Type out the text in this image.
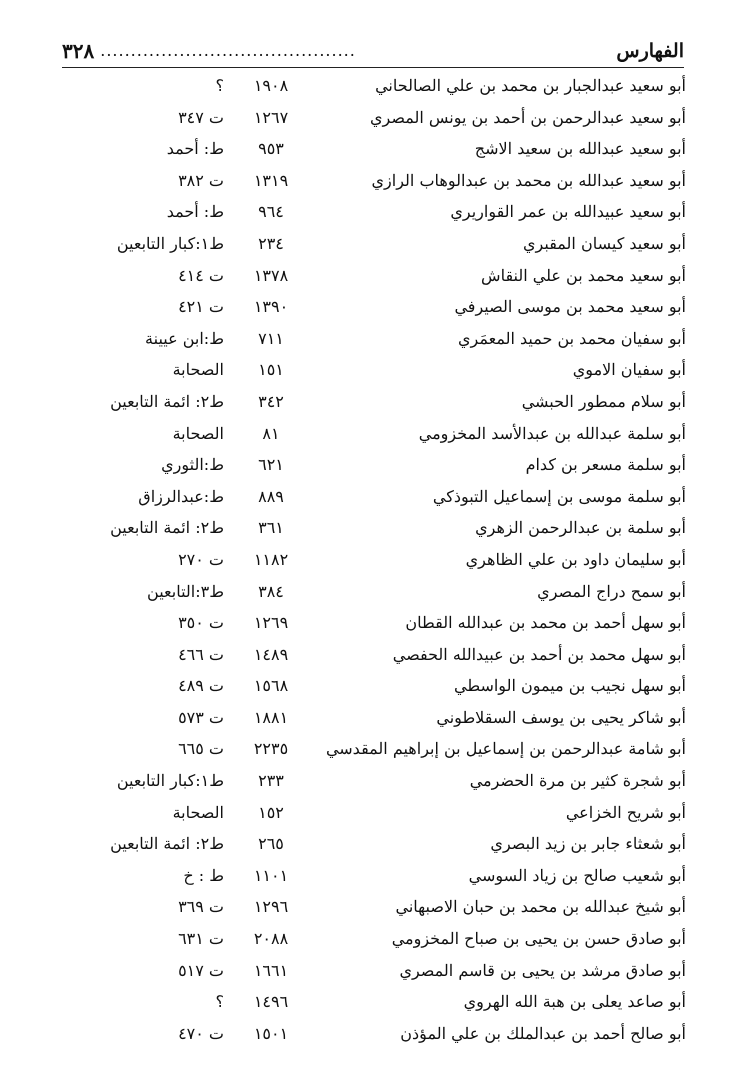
٣٢٨ ..........................................	الفهارس
أبو سعيد عبدالجبار بن محمد بن علي الصالحاني
١٩٠٨
؟
أبو سعيد عبدالرحمن بن أحمد بن يونس المصري
١٢٦٧
ت ٣٤٧
أبو سعيد عبدالله بن سعيد الاشج
٩٥٣
ط: أحمد
أبو سعيد عبدالله بن محمد بن عبدالوهاب الرازي
١٣١٩
ت ٣٨٢
أبو سعيد عبيدالله بن عمر القواريري
٩٦٤
ط: أحمد
أبو سعيد كيسان المقبري
٢٣٤
ط١:كبار التابعين
أبو سعيد محمد بن علي النقاش
١٣٧٨
ت ٤١٤
أبو سعيد محمد بن موسى الصيرفي
١٣٩٠
ت ٤٢١
أبو سفيان محمد بن حميد المعمَري
٧١١
ط:ابن عيينة
أبو سفيان الاموي
١٥١
الصحابة
أبو سلام ممطور الحبشي
٣٤٢
ط٢: ائمة التابعين
أبو سلمة عبدالله بن عبدالأسد المخزومي
٨١
الصحابة
أبو سلمة مسعر بن كدام
٦٢١
ط:الثوري
أبو سلمة موسى بن إسماعيل التبوذكي
٨٨٩
ط:عبدالرزاق
أبو سلمة بن عبدالرحمن الزهري
٣٦١
ط٢: ائمة التابعين
أبو سليمان داود بن علي الظاهري
١١٨٢
ت ٢٧٠
أبو سمح دراج المصري
٣٨٤
ط٣:التابعين
أبو سهل أحمد بن محمد بن عبدالله القطان
١٢٦٩
ت ٣٥٠
أبو سهل محمد بن أحمد بن عبيدالله الحفصي
١٤٨٩
ت ٤٦٦
أبو سهل نجيب بن ميمون الواسطي
١٥٦٨
ت ٤٨٩
أبو شاكر يحيى بن يوسف السقلاطوني
١٨٨١
ت ٥٧٣
أبو شامة عبدالرحمن بن إسماعيل بن إبراهيم المقدسي
٢٢٣٥
ت ٦٦٥
أبو شجرة كثير بن مرة الحضرمي
٢٣٣
ط١:كبار التابعين
أبو شريح الخزاعي
١٥٢
الصحابة
أبو شعثاء جابر بن زيد البصري
٢٦٥
ط٢: ائمة التابعين
أبو شعيب صالح بن زياد السوسي
١١٠١
ط : خ
أبو شيخ عبدالله بن محمد بن حبان الاصبهاني
١٢٩٦
ت ٣٦٩
أبو صادق حسن بن يحيى بن صباح المخزومي
٢٠٨٨
ت ٦٣١
أبو صادق مرشد بن يحيى بن قاسم المصري
١٦٦١
ت ٥١٧
أبو صاعد يعلى بن هبة الله الهروي
١٤٩٦
؟
أبو صالح أحمد بن عبدالملك بن علي المؤذن
١٥٠١
ت ٤٧٠
